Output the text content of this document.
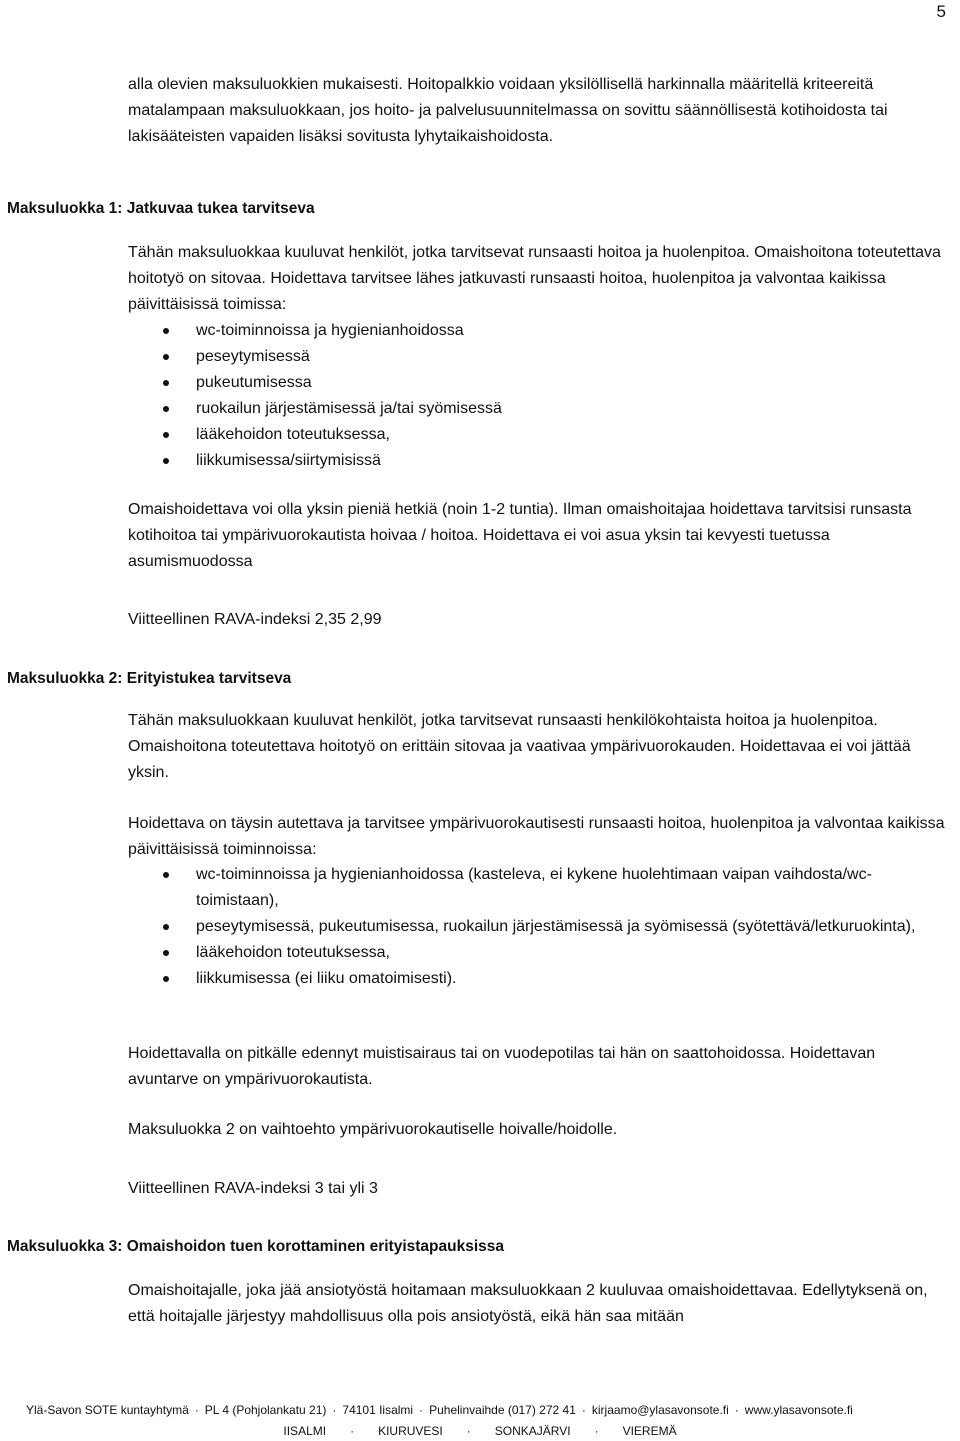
5

alla olevien maksuluokkien mukaisesti. Hoitopalkkio voidaan yksilöllisellä harkinnalla määritellä kriteereitä matalampaan maksuluokkaan, jos hoito- ja palvelusuunnitelmassa on sovittu säännöllisestä kotihoidosta tai lakisääteisten vapaiden lisäksi sovitusta lyhytaikaishoidosta.

Maksuluokka 1: Jatkuvaa tukea tarvitseva

Tähän maksuluokkaa kuuluvat henkilöt, jotka tarvitsevat runsaasti hoitoa ja huolenpitoa. Omaishoitona toteutettava hoitotyö on sitovaa. Hoidettava tarvitsee lähes jatkuvasti runsaasti hoitoa, huolenpitoa ja valvontaa kaikissa päivittäisissä toimissa:

wc-toiminnoissa ja hygienianhoidossa
peseytymisessä
pukeutumisessa
ruokailun järjestämisessä ja/tai syömisessä
lääkehoidon toteutuksessa,
liikkumisessa/siirtymisissä

Omaishoidettava voi olla yksin pieniä hetkiä (noin 1-2 tuntia). Ilman omaishoitajaa hoidettava tarvitsisi runsasta kotihoitoa tai ympärivuorokautista hoivaa / hoitoa. Hoidettava ei voi asua yksin tai kevyesti tuetussa asumismuodossa

Viitteellinen RAVA-indeksi 2,35 2,99

Maksuluokka 2: Erityistukea tarvitseva

Tähän maksuluokkaan kuuluvat henkilöt, jotka tarvitsevat runsaasti henkilökohtaista hoitoa ja huolenpitoa. Omaishoitona toteutettava hoitotyö on erittäin sitovaa ja vaativaa ympärivuorokauden. Hoidettavaa ei voi jättää yksin.

Hoidettava on täysin autettava ja tarvitsee ympärivuorokautisesti runsaasti hoitoa, huolenpitoa ja valvontaa kaikissa päivittäisissä toiminnoissa:

wc-toiminnoissa ja hygienianhoidossa (kasteleva, ei kykene huolehtimaan vaipan vaihdosta/wc-toimistaan),
peseytymisessä, pukeutumisessa, ruokailun järjestämisessä ja syömisessä (syötettävä/letkuruokinta),
lääkehoidon toteutuksessa,
liikkumisessa (ei liiku omatoimisesti).

Hoidettavalla on pitkälle edennyt muistisairaus tai on vuodepotilas tai hän on saattohoidossa. Hoidettavan avuntarve on ympärivuorokautista.

Maksuluokka 2 on vaihtoehto ympärivuorokautiselle hoivalle/hoidolle.

Viitteellinen RAVA-indeksi 3 tai yli 3

Maksuluokka 3: Omaishoidon tuen korottaminen erityistapauksissa

Omaishoitajalle, joka jää ansiotyöstä hoitamaan maksuluokkaan 2 kuuluvaa omaishoidettavaa. Edellytyksenä on, että hoitajalle järjestyy mahdollisuus olla pois ansiotyöstä, eikä hän saa mitään

Ylä-Savon SOTE kuntayhtymä · PL 4 (Pohjolankatu 21) · 74101 Iisalmi · Puhelinvaihde (017) 272 41 · kirjaamo@ylasavonsote.fi · www.ylasavonsote.fi
IISALMI · KIURUVESI · SONKAJÄRVI · VIEREMÄ
